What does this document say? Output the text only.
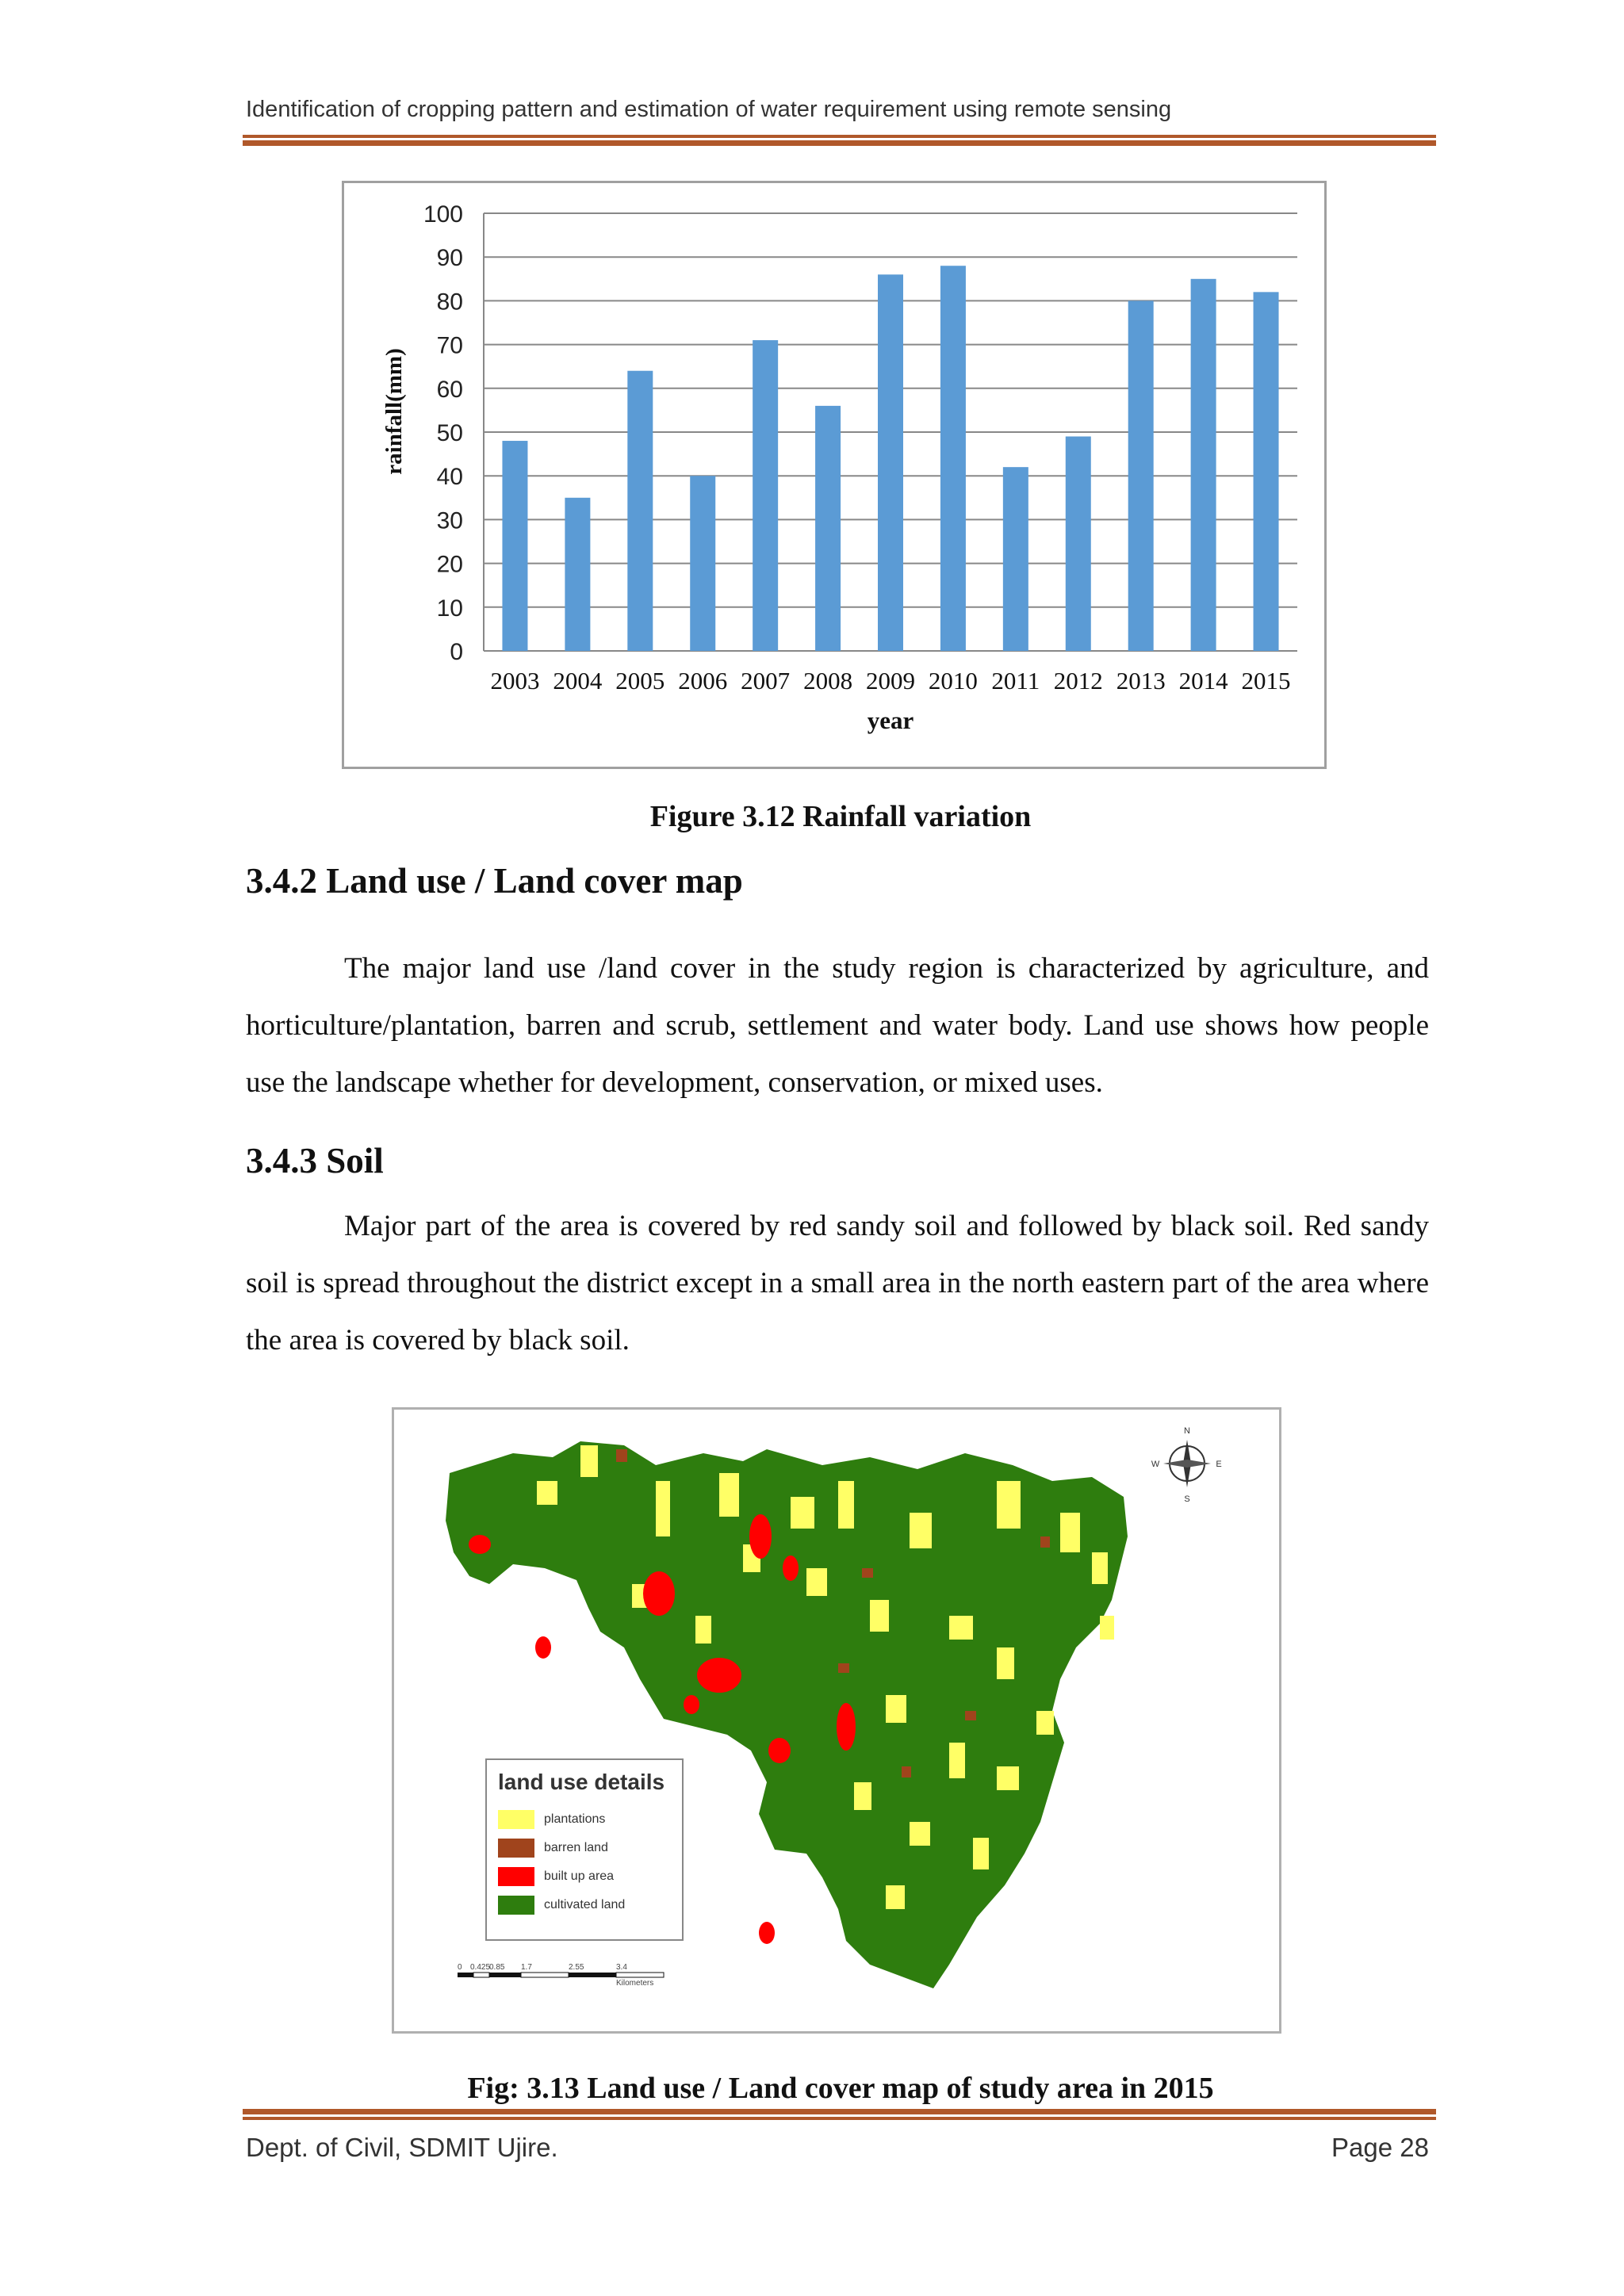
Identification of cropping pattern and estimation of water requirement using remote sensing
0
10
20
30
40
50
60
70
80
90
100
2003 2004 2005 2006 2007 2008 2009 2010 2011 2012 2013 2014 2015
year
rainfall(mm)
Figure 3.12 Rainfall variation
3.4.2 Land use / Land cover map
The major land use /land cover in the study region is characterized by agriculture, and horticulture/plantation, barren and scrub, settlement and water body. Land use shows how people use the landscape whether for development, conservation, or mixed uses.
3.4.3 Soil
Major part of the area is covered by red sandy soil and followed by black soil. Red sandy soil is spread throughout the district except in a small area in the north eastern part of the area where the area is covered by black soil.
N
S
E
W
0 0.425
0.85 1.7	2.55	3.4
Kilometers
land use details
plantations
barren land
built up area
cultivated land
Fig: 3.13 Land use / Land cover map of study area in 2015
Dept. of Civil, SDMIT Ujire.	Page 28
